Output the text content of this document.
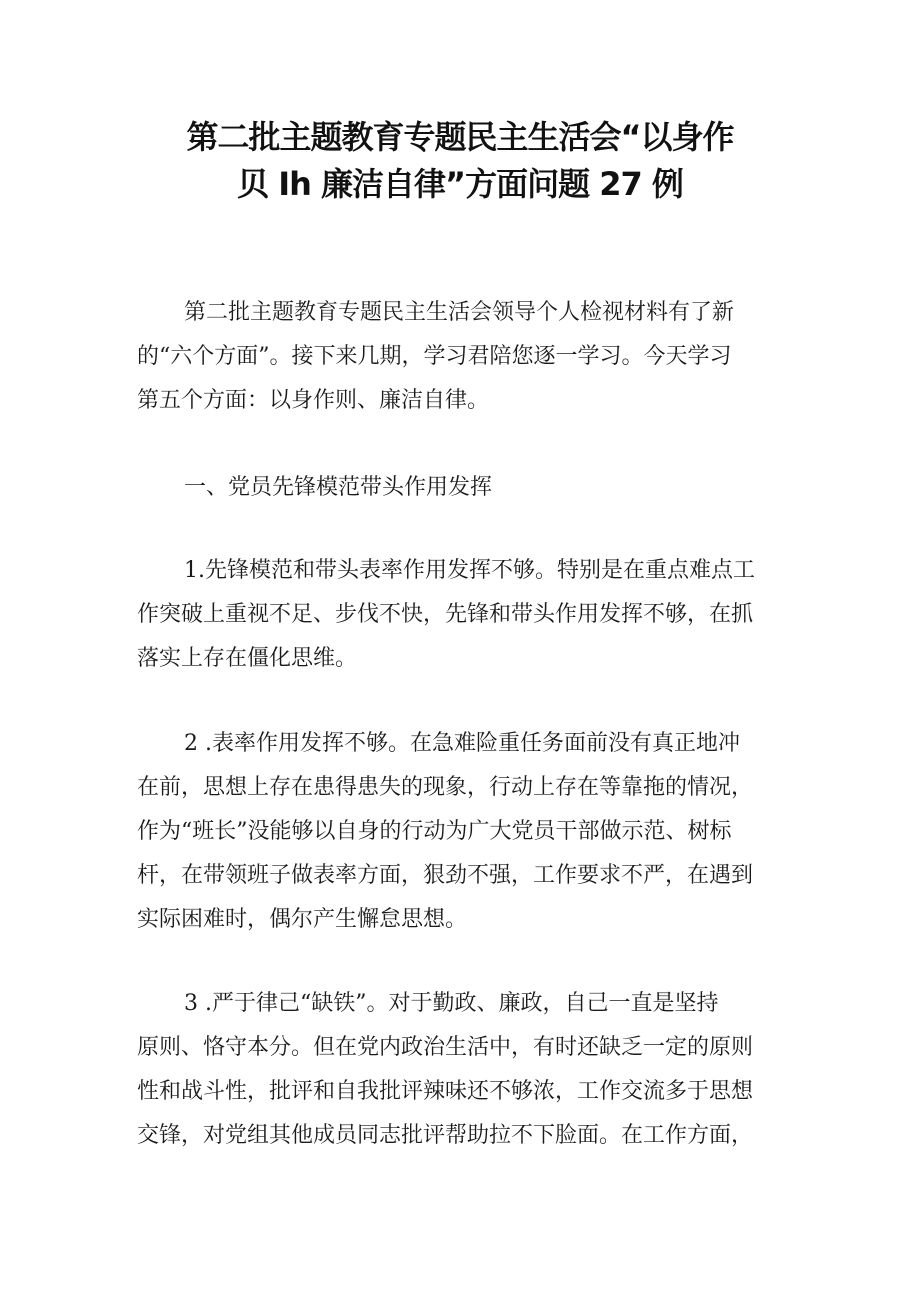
第二批主题教育专题民主生活会“以身作
贝 Ih 廉洁自律”方面问题 27 例
第二批主题教育专题民主生活会领导个人检视材料有了新
的“六个方面”。接下来几期，学习君陪您逐一学习。今天学习
第五个方面：以身作则、廉洁自律。
一、党员先锋模范带头作用发挥
1.先锋模范和带头表率作用发挥不够。特别是在重点难点工
作突破上重视不足、步伐不快，先锋和带头作用发挥不够，在抓
落实上存在僵化思维。
2 .表率作用发挥不够。在急难险重任务面前没有真正地冲
在前，思想上存在患得患失的现象，行动上存在等靠拖的情况，
作为“班长”没能够以自身的行动为广大党员干部做示范、树标
杆，在带领班子做表率方面，狠劲不强，工作要求不严，在遇到
实际困难时，偶尔产生懈怠思想。
3 .严于律己“缺铁”。对于勤政、廉政，自己一直是坚持
原则、恪守本分。但在党内政治生活中，有时还缺乏一定的原则
性和战斗性，批评和自我批评辣味还不够浓，工作交流多于思想
交锋，对党组其他成员同志批评帮助拉不下脸面。在工作方面，
